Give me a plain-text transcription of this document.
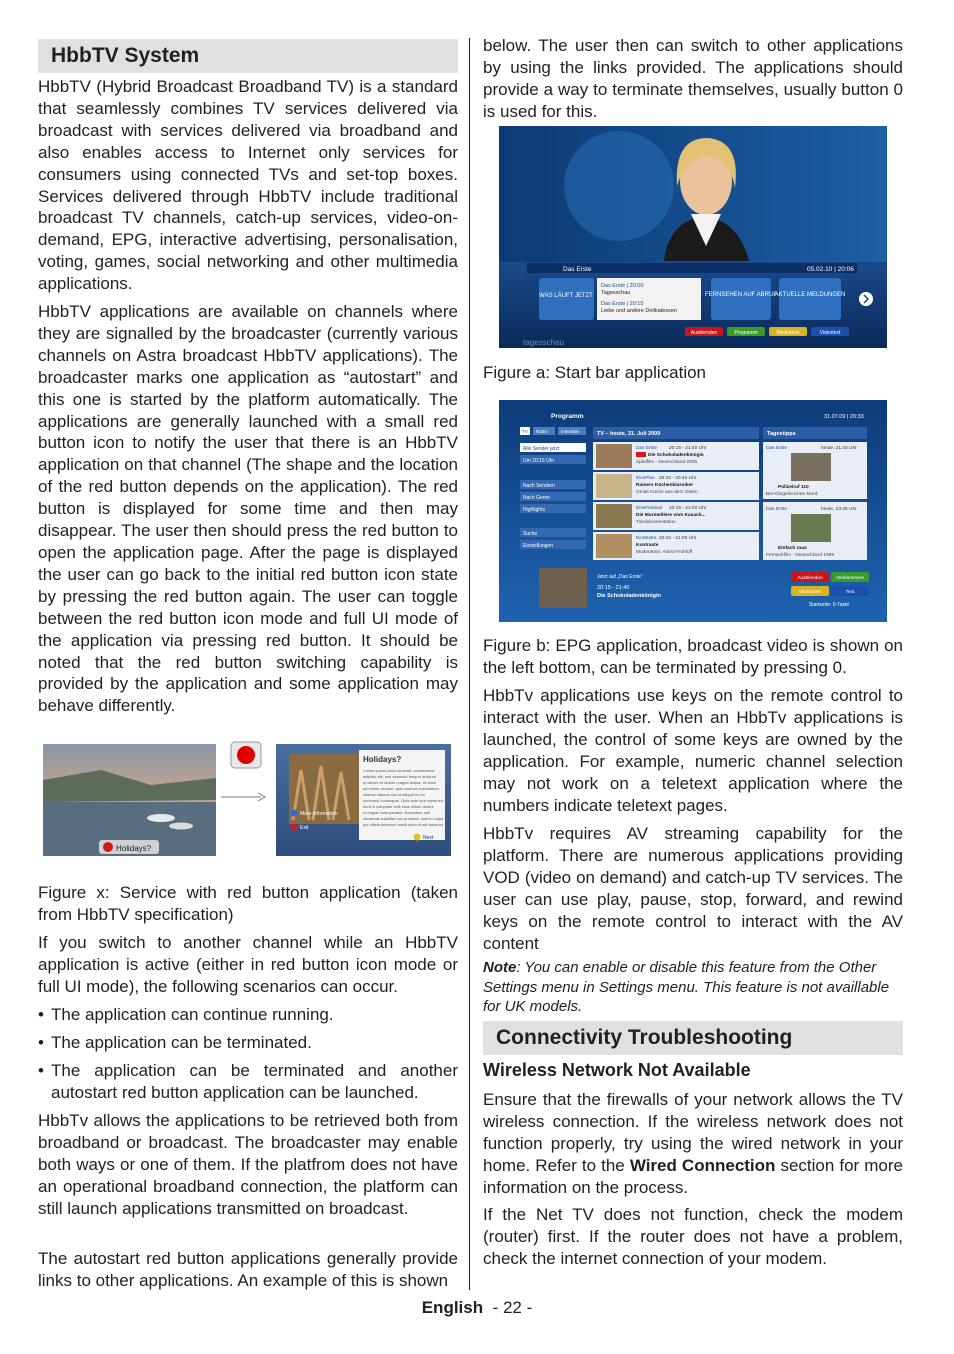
HbbTV System

HbbTV (Hybrid Broadcast Broadband TV) is a standard that seamlessly combines TV services delivered via broadcast with services delivered via broadband and also enables access to Internet only services for consumers using connected TVs and set-top boxes. Services delivered through HbbTV include traditional broadcast TV channels, catch-up services, video-on-demand, EPG, interactive advertising, personalisation, voting, games, social networking and other multimedia applications.

HbbTV applications are available on channels where they are signalled by the broadcaster (currently various channels on Astra broadcast HbbTV applications). The broadcaster marks one application as “autostart” and this one is started by the platform automatically. The applications are generally launched with a small red button icon to notify the user that there is an HbbTV application on that channel (The shape and the location of the red button depends on the application). The red button is displayed for some time and then may disappear. The user then should press the red button to open the application page. After the page is displayed the user can go back to the initial red button icon state by pressing the red button again. The user can toggle between the red button icon mode and full UI mode of the application via pressing red button. It should be noted that the red button switching capability is provided by the application and some application may behave differently.

Holidays?
Holidays?
Lorem ipsum dolor sit amet, consectetur
adipisic elit, sed eiusmod tempor incidunt
ut labore et dolore magna aliqua. Ut enim
ad minim veniam, quis nostrud exercitation
ullamco laboris nisi ut aliquid ex ea
commodi consequat. Quis aute iure reprehen-
derit in voluptate velit esse cillum dolore
eu fugiat nulla pariatur. Excepteur sint
obcaecat cupiditat non proident, sunt in culpa
qui officia deserunt mollit anim id est laborum.
More information
Exit
Next

Figure x: Service with red button application (taken from HbbTV specification)

If you switch to another channel while an HbbTV application is active (either in red button icon mode or full UI mode), the following scenarios can occur.

• The application can continue running.
• The application can be terminated.
• The application can be terminated and another autostart red button application can be launched.

HbbTv allows the applications to be retrieved both from broadband or broadcast. The broadcaster may enable both ways or one of them. If the platfrom does not have an operational broadband connection, the platform can still launch applications transmitted on broadcast.

The autostart red button applications generally provide links to other applications. An example of this is shown

below. The user then can switch to other applications by using the links provided. The applications should provide a way to terminate themselves, usually button 0 is used for this.

Das Erste	05.02.10 | 20:06
WAS LÄUFT JETZT
Das Erste | 20:00
Tagesschau
Das Erste | 20:15
Liebe und andere Delikatessen
FERNSEHEN AUF ABRUF
AKTUELLE MELDUNGEN
Ausblenden	Programm	Mediathek	Videotext
tagesschau

Figure a: Start bar application

Programm	31.07.09 | 20:33
TV Radio	Interaktiv
Alle Sender jetzt
Um 20:15 Uhr
Nach Sendern
Nach Genre
Highlights
Suche
Einstellungen
TV – heute, 31. Juli 2009
Das Erste 20:15 - 21:40 Uhr
Die Schokoladenkönigin
Spielfilm - Deutschland 2005
EinsPlus 20:15 - 20:45 Uhr
Rainers Küchenklassiker
Omas Küche aus dem Osten
EinsFestival 20:15 - 21:00 Uhr
Die Murmeltiere vom Kasach...
Tierdokumentation
EinsExtra 20:15 - 21:00 Uhr
Kontraste
Moderation: Astrid Frohloff
Tagestipps
Das Erste	heute, 21:40 Uhr
Polizeiruf 110
Bei Klingelzeichen Mord
Das Erste	heute, 23:25 Uhr
Einfach raus
Fernsehfilm - Deutschland 1999
Jetzt auf „Das Erste“
20:15 - 21:40
Die Schokoladenkönigin
Ausblenden	Verklammern
Mediathek	Text
Startseite: 0-Taste

Figure b: EPG application, broadcast video is shown on the left bottom, can be terminated by pressing 0.

HbbTv applications use keys on the remote control to interact with the user. When an HbbTv applications is launched, the control of some keys are owned by the application. For example, numeric channel selection may not work on a teletext application where the numbers indicate teletext pages.

HbbTv requires AV streaming capability for the platform. There are numerous applications providing VOD (video on demand) and catch-up TV services. The user can use play, pause, stop, forward, and rewind keys on the remote control to interact with the AV content

Note: You can enable or disable this feature from the Other Settings menu in Settings menu. This feature is not availlable for UK models.

Connectivity Troubleshooting
Wireless Network Not Available

Ensure that the firewalls of your network allows the TV wireless connection. If the wireless network does not function properly, try using the wired network in your home. Refer to the Wired Connection section for more information on the process.

If the Net TV does not function, check the modem (router) first. If the router does not have a problem, check the internet connection of your modem.

English - 22 -
